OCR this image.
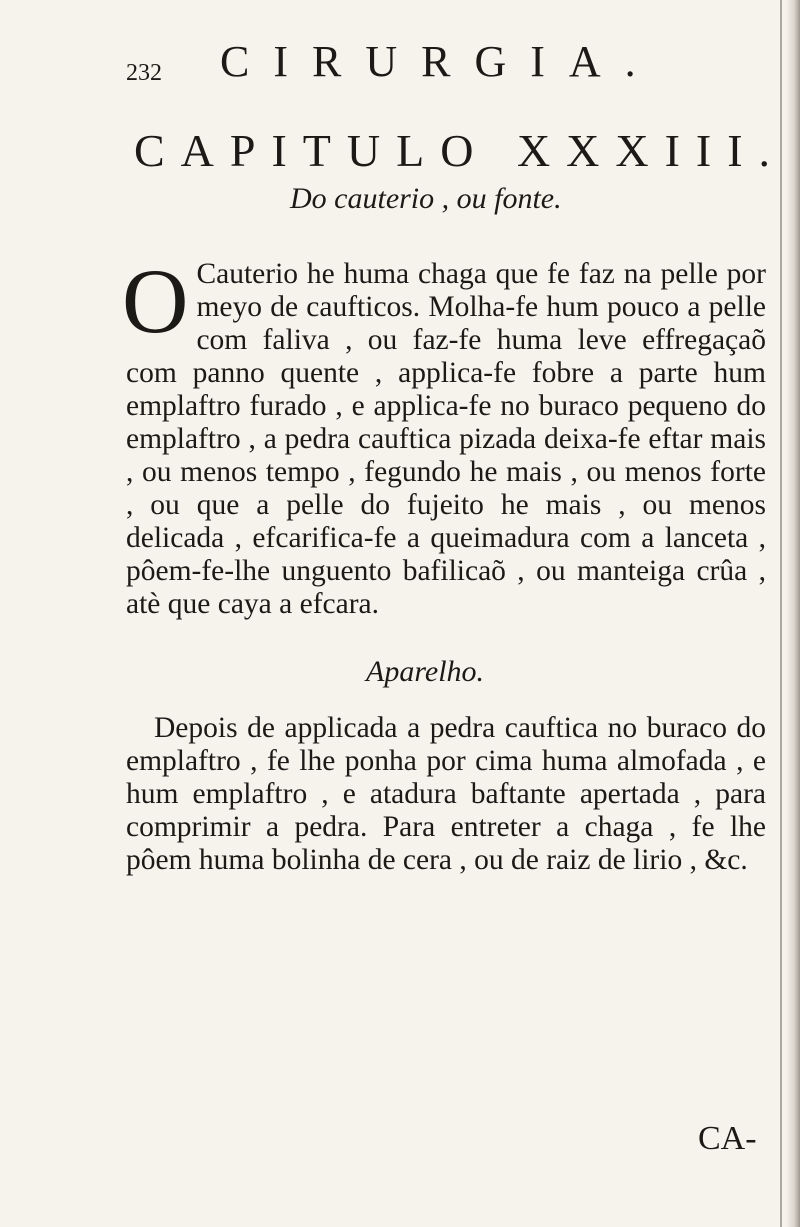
232 CIRURGIA.
CAPITULO XXXIII.
Do cauterio , ou fonte.
O Cauterio he huma chaga que fe faz na pelle por meyo de caufticos. Molha-fe hum pouco a pelle com faliva , ou faz-fe huma leve effregaçaõ com panno quente , applica-fe fobre a parte hum emplaftro furado , e applica-fe no buraco pequeno do emplaftro , a pedra cauftica pizada deixa-fe eftar mais , ou menos tempo , fegundo he mais , ou menos forte , ou que a pelle do fujeito he mais , ou menos delicada , efcarifica-fe a queimadura com a lanceta , pôem-fe-lhe unguento bafilicaõ , ou manteiga crûa , atè que caya a efcara.
Aparelho.
Depois de applicada a pedra cauftica no buraco do emplaftro , fe lhe ponha por cima huma almofada , e hum emplaftro , e atadura baftante apertada , para comprimir a pedra. Para entreter a chaga , fe lhe pôem huma bolinha de cera , ou de raiz de lirio , &c.
CA-
